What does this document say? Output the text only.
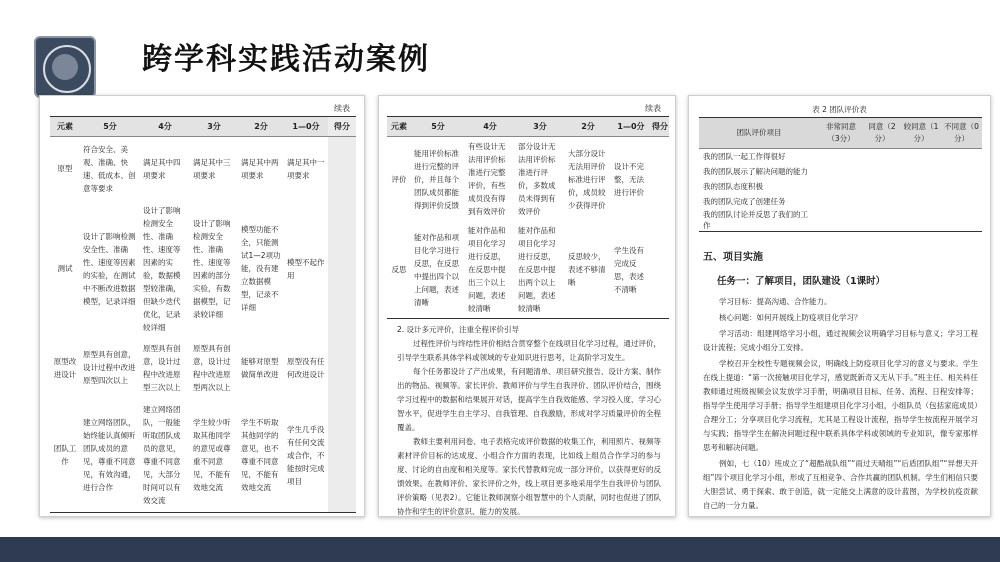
跨学科实践活动案例
续表
元素	5分	4分	3分	2分	1—0分	得分
原型	符合安全、美观、准确、快速、低成本、创意等要求	满足其中四项要求	满足其中三项要求	满足其中两项要求	满足其中一项要求	
测试	设计了影响检测安全性、准确性、速度等因素的实验，在测试中不断改进数据模型，记录详细	设计了影响检测安全性、准确性、速度等因素的实验，数据模型较准确，但缺少迭代优化，记录较详细	设计了影响检测安全性、准确性、速度等因素的部分实验，有数据模型，记录较详细	模型功能不全，只能测试1—2项功能，没有建立数据模型，记录不详细	模型不起作用	
原型改进设计	原型具有创意，设计过程中改进原型四次以上	原型具有创意，设计过程中改进原型三次以上	原型具有创意，设计过程中改进原型两次以上	能够对原型做简单改进	原型没有任何改进设计	
团队工作	建立网络团队，始终能认真倾听团队成员的意见，尊重不同意见，有效沟通，进行合作	建立网络团队，一般能听取团队成员的意见，尊重不同意见，大部分时间可以有效交流	学生较少听取其他同学的意见或尊重不同意见，不能有效地交流	学生不听取其他同学的意见，也不尊重不同意见，不能有效地交流	学生几乎没有任何交流或合作，不能按时完成项目	
续表
元素	5分	4分	3分	2分	1—0分	得分
评价	能用评价标准进行完整的评价，并且每个团队成员都能得到评价反馈	有些设计无法用评价标准进行完整评价，有些成员没有得到有效评价	部分设计无法用评价标准进行评价，多数成员未得到有效评价	大部分设计无法用评价标准进行评价，成员较少获得评价	设计不完整，无法进行评价	
反思	能对作品和项目化学习进行反思，在反思中提出四个以上问题，表述清晰	能对作品和项目化学习进行反思，在反思中提出三个以上问题，表述较清晰	能对作品和项目化学习进行反思，在反思中提出两个以上问题，表述较清晰	反思较少，表述不够清晰	学生没有完成反思，表述不清晰	

2. 设计多元评价，注重全程评价引导

过程性评价与终结性评价相结合贯穿整个在线项目化学习过程，通过评价，引导学生联系具体学科或领域的专业知识进行思考，让高阶学习发生。

每个任务都设计了产出成果，有问题清单、项目研究报告、设计方案、制作出的物品、视频等。家长评价、教师评价与学生自我评价、团队评价结合，围绕学习过程中的数据和结果展开对话，提高学生自我效能感、学习投入度、学习心智水平，促进学生自主学习、自我管理、自我激励，形成对学习质量评价的全程覆盖。

教师主要利用问卷、电子表格完成评价数据的收集工作，利用照片、视频等素材评价目标的达成度、小组合作方面的表现，比如线上组员合作学习的参与度、讨论的自由度和相关度等。家长代替教师完成一部分评价，以获得更好的反馈效果。在教师评价、家长评价之外，线上项目更多地采用学生自我评价与团队评价策略（见表2）。它能让教师洞察小组智慧中的个人贡献，同时也促进了团队协作和学生的评价意识、能力的发展。

表 2 团队评价表
团队评价项目	非常同意（3分）	同意（2分）	较同意（1分）	不同意（0分）
我的团队一起工作得很好				
我的团队展示了解决问题的能力				
我的团队态度积极				
我的团队完成了创建任务				
我的团队讨论并反思了我们的工作				
五、项目实施
任务一：了解项目，团队建设（1课时）

学习目标：提高沟通、合作能力。

核心问题：如何开展线上防疫项目化学习？

学习活动：组建网络学习小组，通过视频会议明确学习目标与意义；学习工程设计流程；完成小组分工安排。

学校召开全校性专题视频会议，明确线上防疫项目化学习的意义与要求。学生在线上提道：“第一次接触项目化学习，感觉既新奇又无从下手。”班主任、相关科任教师通过班级视频会议发放学习手册，明确项目目标、任务、流程、日程安排等；指导学生使用学习手册；指导学生组建项目化学习小组，小组队员（包括家庭成员）合理分工；分享项目化学习流程，尤其是工程设计流程，指导学生按流程开展学习与实践；指导学生在解决问题过程中联系具体学科或领域的专业知识，像专家那样思考和解决问题。

例如，七（10）班成立了“超酷战队组”“雨过天晴组”“后盾团队组”“异想天开组”四个项目化学习小组，形成了互相竞争、合作共赢的团队机制。学生们相信只要大胆尝试、勇于探索、敢于创造，就一定能交上满意的设计蓝图，为学校抗疫贡献自己的一分力量。
